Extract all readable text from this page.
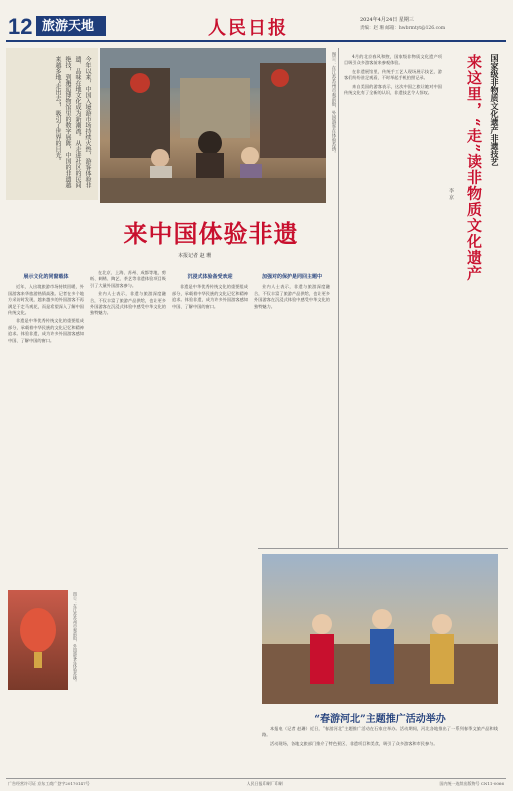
12 旅游天地	人民日报	2024年4月24日 星期三
责编：赵 珊 邮箱：hwbrmtyt@126.com
今年以来，中国入境游市场持续火热，游客体验非遗、品味在地文化成为新潮流。从走进社区的民间绝技，到邂逅博物馆里的数字展陈，中国的非遗越来越多地“走出去”，吸引了世界的目光。	图①：在江苏苏州市观前街，外国游客在体验苏绣。
来中国体验非遗
本报记者 赵 珊
展示文化的同窗载体

近年，入出境旅游市场持续回暖，外国游客来华旅游热情高涨。记者在多个地方采访时发现，越来越多的外国游客不再满足于走马观花，而是希望深入了解中国传统文化。

非遗是中华优秀传统文化的重要组成部分，承载着中华民族的文化记忆和精神追求。体验非遗，成为许多外国游客感知中国、了解中国的窗口。

在北京、上海、苏州、成都等地，剪纸、刺绣、陶艺、茶艺等非遗体验项目吸引了大量外国游客参与。

业内人士表示，非遗与旅游深度融合，不仅丰富了旅游产品供给，也让更多外国游客在沉浸式体验中感受中华文化的独特魅力。

沉浸式体验备受欢迎

非遗是中华优秀传统文化的重要组成部分，承载着中华民族的文化记忆和精神追求。体验非遗，成为许多外国游客感知中国、了解中国的窗口。

加强对的保护是同回主题中

业内人士表示，非遗与旅游深度融合，不仅丰富了旅游产品供给，也让更多外国游客在沉浸式体验中感受中华文化的独特魅力。

图①：在江苏苏州市观前街，外国游客在体验苏绣。
来这里，“走”读非物质文化遗产 国家级非物质文化遗产非遗技艺
李 京

4月的北京春风和煦，国家级非物质文化遗产项目吸引众多游客前来参观体验。

在非遗展馆里，传统手工艺人现场展示技艺，游客们纷纷驻足观看，不时举起手机拍照记录。

来自美国的游客表示，这次中国之旅让她对中国传统文化有了全新的认识，非遗技艺令人惊叹。

“春游河北”主题推广活动举办

本报电（记者 赵珊）近日，“春游河北”主题推广活动在石家庄举办。活动期间，河北各地推出了一系列春季文旅产品和线路。

活动现场，各地文旅部门推介了特色景区、非遗项目和美食，吸引了众多游客和市民参与。

广告经营许可证 京东工商广登字20170147号	人民日报印刷厂印刷	国内统一连续出版物号 CN11-0066
